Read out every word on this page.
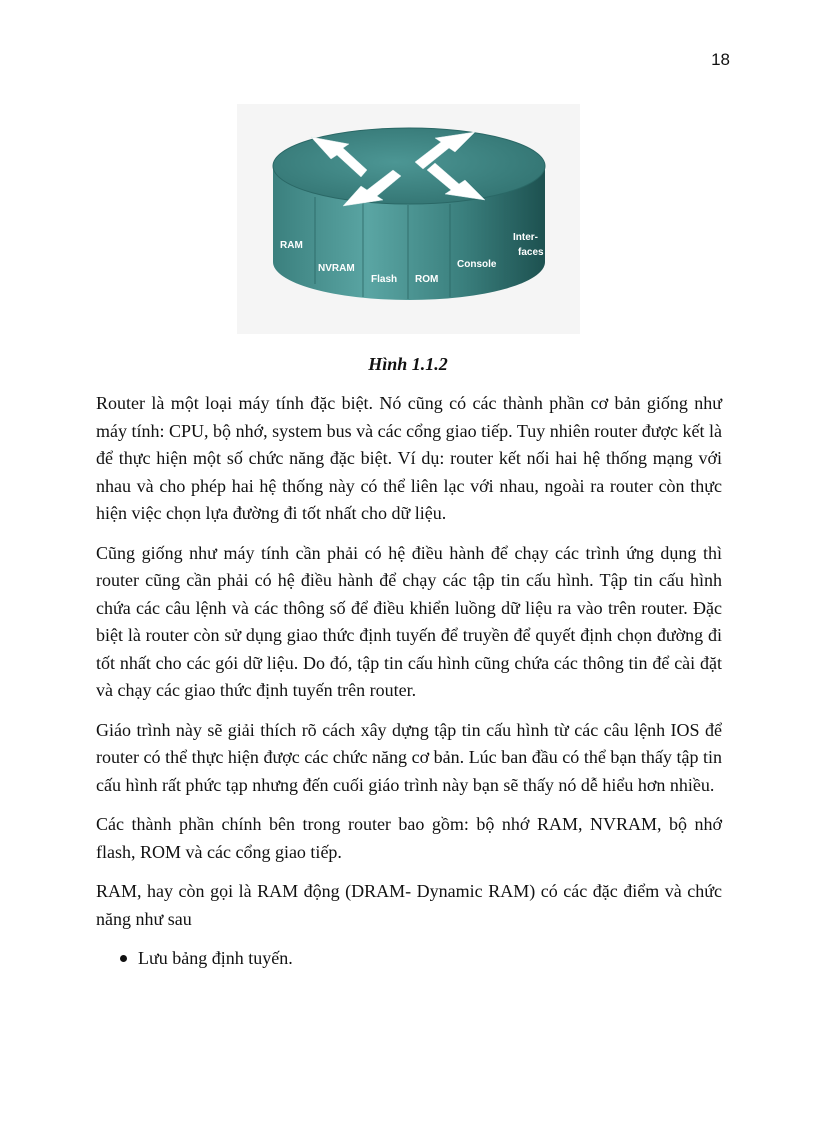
18
RAM
NVRAM
Flash ROM
Console
Inter-
faces
Hình 1.1.2

Router là một loại máy tính đặc biệt. Nó cũng có các thành phần cơ bản giống như máy tính: CPU, bộ nhớ, system bus và các cổng giao tiếp. Tuy nhiên router được kết là để thực hiện một số chức năng đặc biệt. Ví dụ: router kết nối hai hệ thống mạng với nhau và cho phép hai hệ thống này có thể liên lạc với nhau, ngoài ra router còn thực hiện việc chọn lựa đường đi tốt nhất cho dữ liệu.

Cũng giống như máy tính cần phải có hệ điều hành để chạy các trình ứng dụng thì router cũng cần phải có hệ điều hành để chạy các tập tin cấu hình. Tập tin cấu hình chứa các câu lệnh và các thông số để điều khiển luồng dữ liệu ra vào trên router. Đặc biệt là router còn sử dụng giao thức định tuyến để truyền để quyết định chọn đường đi tốt nhất cho các gói dữ liệu. Do đó, tập tin cấu hình cũng chứa các thông tin để cài đặt và chạy các giao thức định tuyến trên router.

Giáo trình này sẽ giải thích rõ cách xây dựng tập tin cấu hình từ các câu lệnh IOS để router có thể thực hiện được các chức năng cơ bản. Lúc ban đầu có thể bạn thấy tập tin cấu hình rất phức tạp nhưng đến cuối giáo trình này bạn sẽ thấy nó dễ hiểu hơn nhiều.

Các thành phần chính bên trong router bao gồm: bộ nhớ RAM, NVRAM, bộ nhớ flash, ROM và các cổng giao tiếp.

RAM, hay còn gọi là RAM động (DRAM- Dynamic RAM) có các đặc điểm và chức năng như sau

Lưu bảng định tuyến.
